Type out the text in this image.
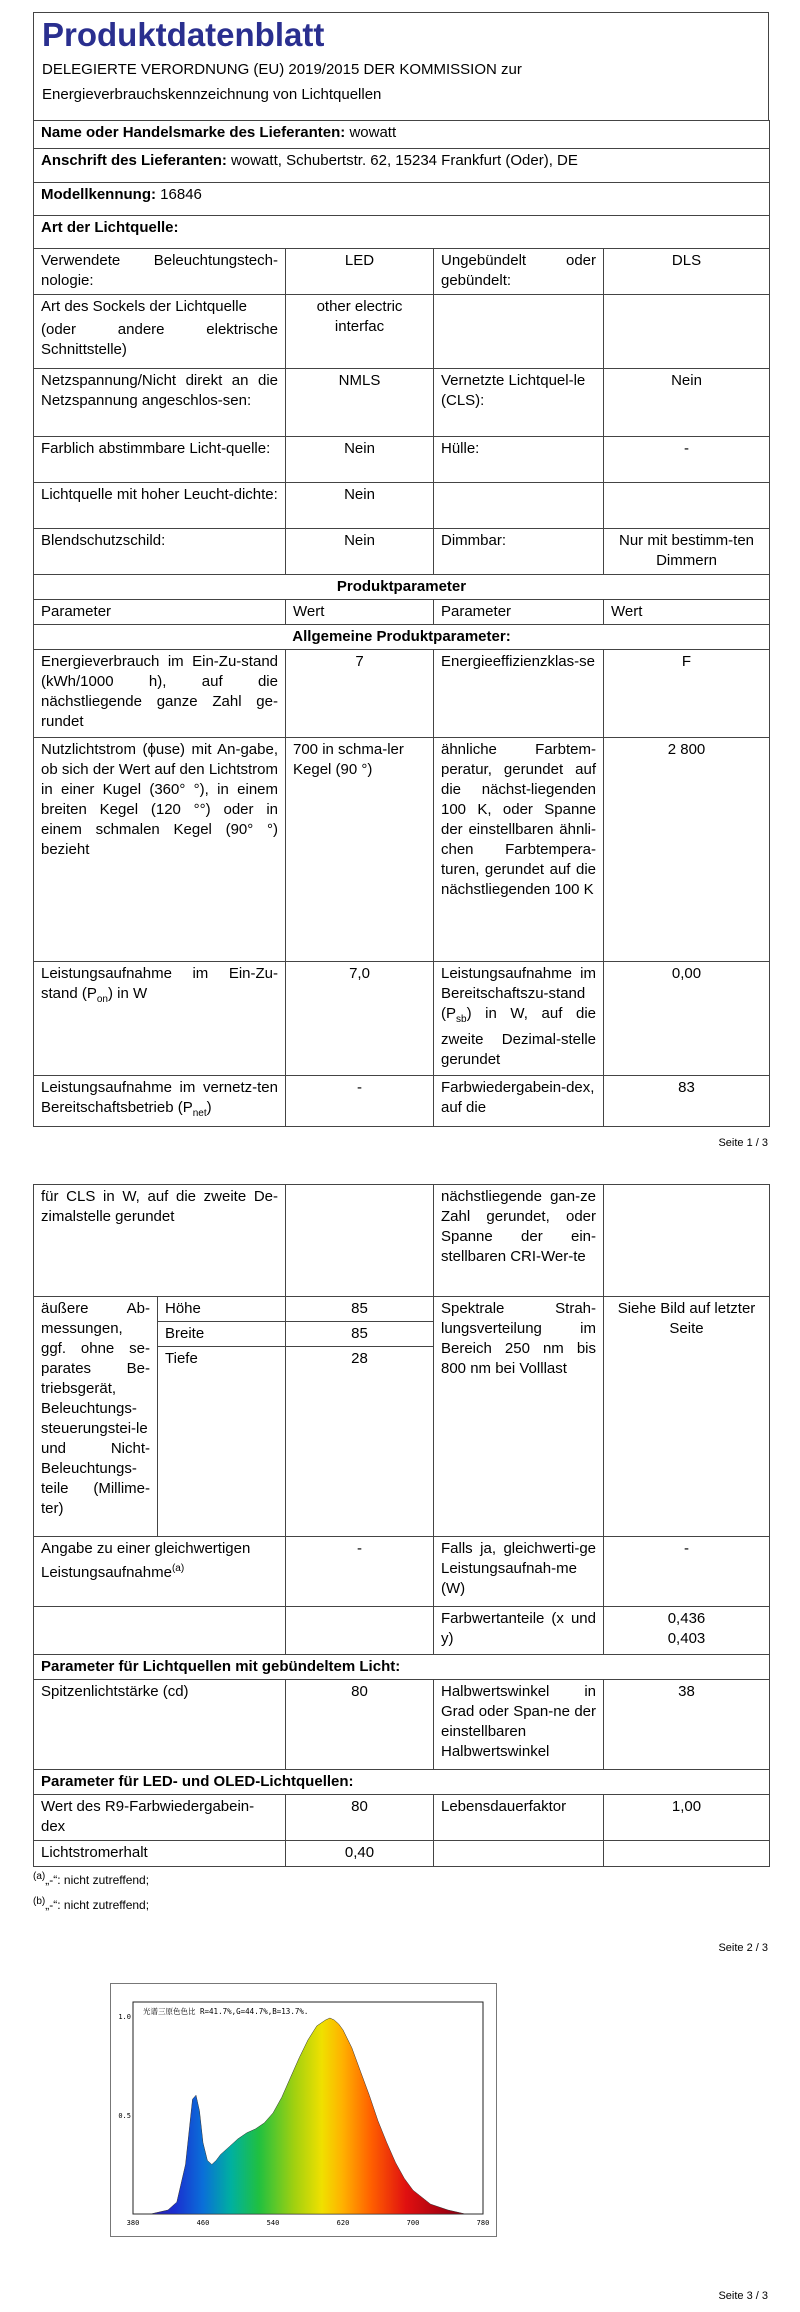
Produktdatenblatt
DELEGIERTE VERORDNUNG (EU) 2019/2015 DER KOMMISSION zur
Energieverbrauchskennzeichnung von Lichtquellen
Name oder Handelsmarke des Lieferanten: wowatt			
Anschrift des Lieferanten: wowatt, Schubertstr. 62, 15234 Frankfurt (Oder), DE			
Modellkennung: 16846			
Art der Lichtquelle:			
Verwendete Beleuchtungstech-nologie:	LED	Ungebündelt oder gebündelt:	DLS

Art des Sockels der Lichtquelle
(oder andere elektrische Schnittstelle)	other electric interfac		
Netzspannung/Nicht direkt an die Netzspannung angeschlos-sen:	NMLS	Vernetzte Lichtquel-le (CLS):	Nein
Farblich abstimmbare Licht-quelle:	Nein	Hülle:	-
Lichtquelle mit hoher Leucht-dichte:	Nein		
Blendschutzschild:	Nein	Dimmbar:	Nur mit bestimm-ten Dimmern
Produktparameter			
Parameter	Wert	Parameter	Wert
Allgemeine Produktparameter:			
Energieverbrauch im Ein-Zu-stand (kWh/1000 h), auf die nächstliegende ganze Zahl ge-rundet	7	Energieeffizienzklas-se	F
Nutzlichtstrom (ϕuse) mit An-gabe, ob sich der Wert auf den Lichtstrom in einer Kugel (360° °), in einem breiten Kegel (120 °°) oder in einem schmalen Kegel (90° °) bezieht	700 in schma-ler Kegel (90 °)	ähnliche Farbtem-peratur, gerundet auf die nächst-liegenden 100 K, oder Spanne der einstellbaren ähnli-chen Farbtempera-turen, gerundet auf die nächstliegenden 100 K	2 800
Leistungsaufnahme im Ein-Zu-stand $(P_{on})$ in W	7,0	Leistungsaufnahme im Bereitschaftszu-stand $(P_{sb})$ in W, auf die zweite Dezimal-stelle gerundet	0,00
Leistungsaufnahme im vernetz-ten Bereitschaftsbetrieb $(P_{net})$	-	Farbwiedergabein-dex, auf die	83
Seite 1 / 3
für CLS in W, auf die zweite De-zimalstelle gerundet			nächstliegende gan-ze Zahl gerundet, oder Spanne der ein-stellbaren CRI-Wer-te	
äußere Ab-messungen, ggf. ohne se-parates Be-triebsgerät, Beleuchtungs-steuerungstei-le und Nicht-Beleuchtungs-teile (Millime-ter)	Höhe	85	Spektrale Strah-lungsverteilung im Bereich 250 nm bis 800 nm bei Volllast	Siehe Bild auf letzter Seite
	Breite	85		
	Tiefe	28		
Angabe zu einer gleichwertigen Leistungsaufnahme$^{(a)}$		-	Falls ja, gleichwerti-ge Leistungsaufnah-me (W)	-
			Farbwertanteile (x und y)	0,436
0,403

Parameter für Lichtquellen mit gebündeltem Licht:				
Spitzenlichtstärke (cd)		80	Halbwertswinkel in Grad oder Span-ne der einstellbaren Halbwertswinkel	38
Parameter für LED- und OLED-Lichtquellen:				
Wert des R9-Farbwiedergabein-dex		80	Lebensdauerfaktor	1,00
Lichtstromerhalt		0,40		
$^{(a)}$„-“: nicht zutreffend;
$^{(b)}$„-“: nicht zutreffend;
Seite 2 / 3
光谱三原色色比 R=41.7%,G=44.7%,B=13.7%.
1.0
0.5
380	460	540	620	700	780
Seite 3 / 3
